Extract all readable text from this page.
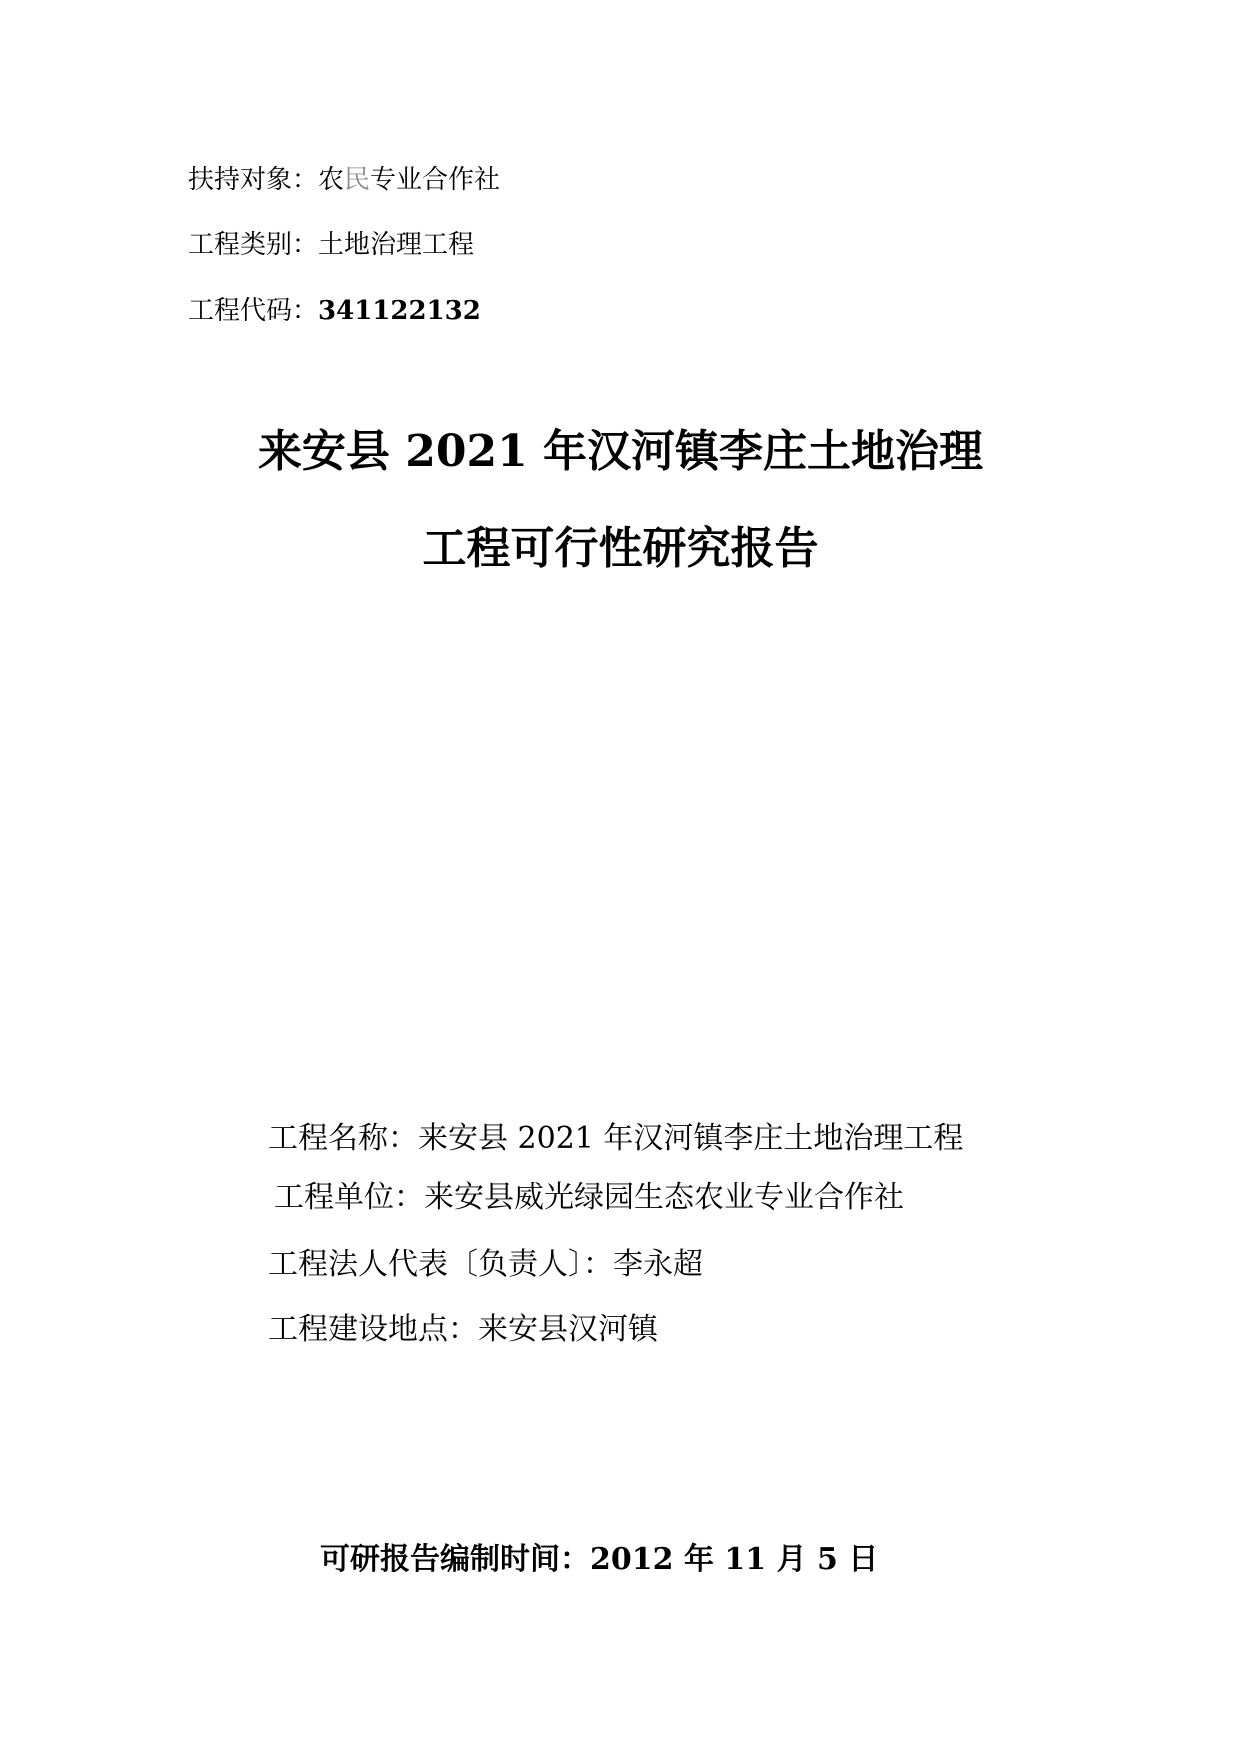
扶持对象：农民专业合作社
工程类别：土地治理工程
工程代码：341122132
来安县 2021 年汉河镇李庄土地治理
工程可行性研究报告
工程名称：来安县 2021 年汉河镇李庄土地治理工程
工程单位：来安县威光绿园生态农业专业合作社
工程法人代表〔负责人〕：李永超
工程建设地点：来安县汉河镇
可研报告编制时间：2012 年 11 月 5 日
